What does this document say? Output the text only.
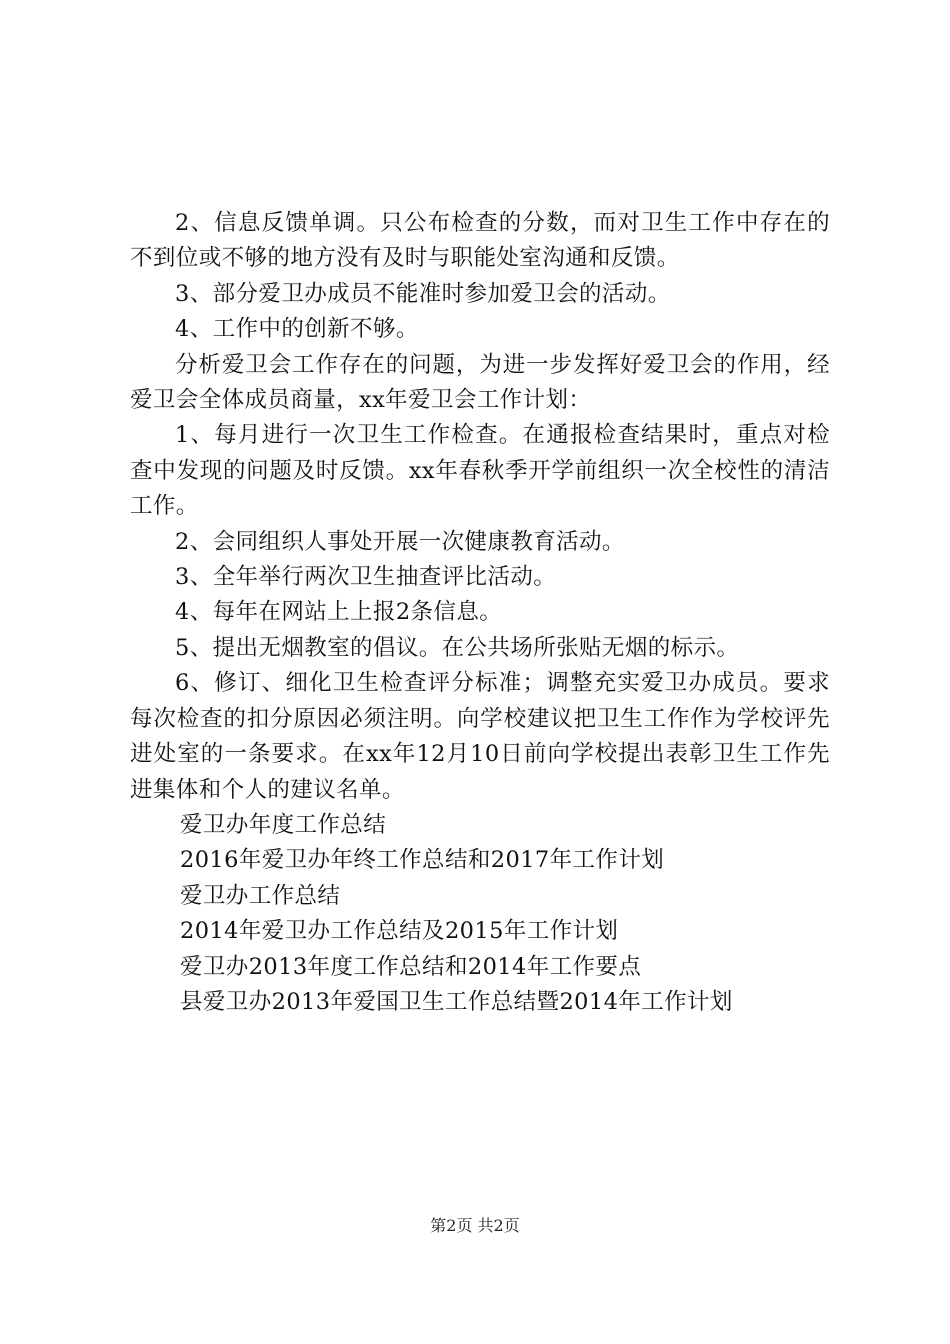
2、信息反馈单调。只公布检查的分数，而对卫生工作中存在的不到位或不够的地方没有及时与职能处室沟通和反馈。

3、部分爱卫办成员不能准时参加爱卫会的活动。

4、工作中的创新不够。

分析爱卫会工作存在的问题，为进一步发挥好爱卫会的作用，经爱卫会全体成员商量，xx年爱卫会工作计划：

1、每月进行一次卫生工作检查。在通报检查结果时，重点对检查中发现的问题及时反馈。xx年春秋季开学前组织一次全校性的清洁工作。

2、会同组织人事处开展一次健康教育活动。

3、全年举行两次卫生抽查评比活动。

4、每年在网站上上报2条信息。

5、提出无烟教室的倡议。在公共场所张贴无烟的标示。

6、修订、细化卫生检查评分标准；调整充实爱卫办成员。要求每次检查的扣分原因必须注明。向学校建议把卫生工作作为学校评先进处室的一条要求。在xx年12月10日前向学校提出表彰卫生工作先进集体和个人的建议名单。

爱卫办年度工作总结

2016年爱卫办年终工作总结和2017年工作计划

爱卫办工作总结

2014年爱卫办工作总结及2015年工作计划

爱卫办2013年度工作总结和2014年工作要点

县爱卫办2013年爱国卫生工作总结暨2014年工作计划

第2页 共2页
